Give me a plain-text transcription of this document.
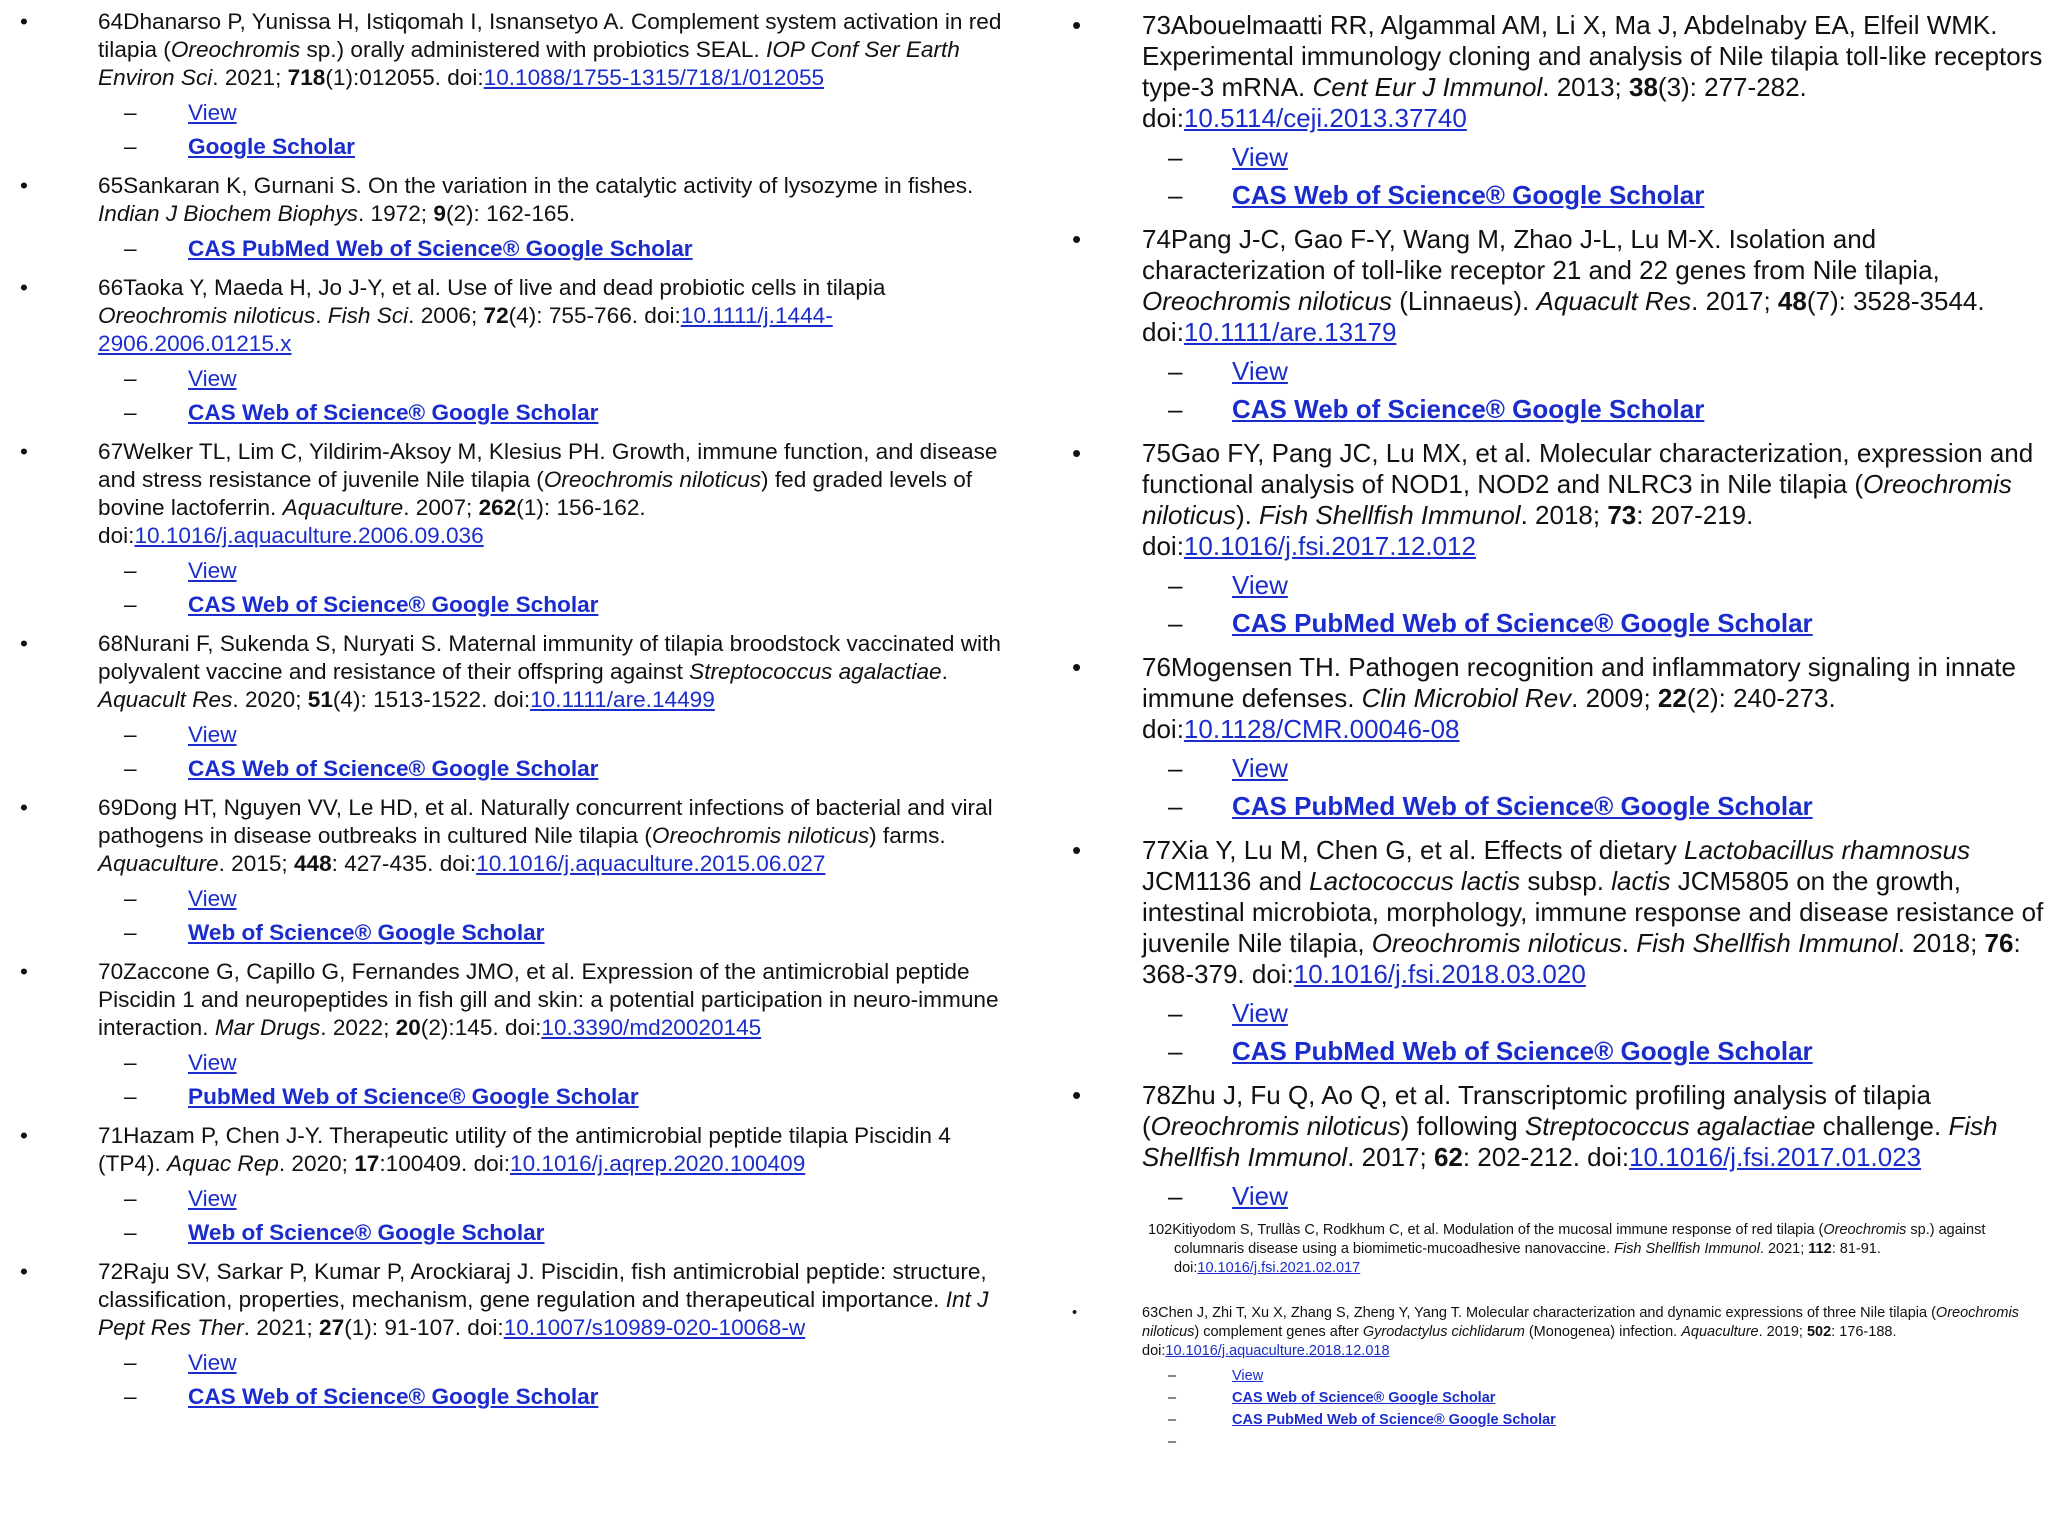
•	64Dhanarso P, Yunissa H, Istiqomah I, Isnansetyo A. Complement system activation in red tilapia (Oreochromis sp.) orally administered with probiotics SEAL. IOP Conf Ser Earth Environ Sci. 2021; 718(1):012055. doi:10.1088/1755-1315/718/1/012055
– View
– Google Scholar
•	65Sankaran K, Gurnani S. On the variation in the catalytic activity of lysozyme in fishes. Indian J Biochem Biophys. 1972; 9(2): 162-165.
– CAS PubMed Web of Science® Google Scholar
•	66Taoka Y, Maeda H, Jo J-Y, et al. Use of live and dead probiotic cells in tilapia Oreochromis niloticus. Fish Sci. 2006; 72(4): 755-766. doi:10.1111/j.1444-2906.2006.01215.x
– View
– CAS Web of Science® Google Scholar
•	67Welker TL, Lim C, Yildirim-Aksoy M, Klesius PH. Growth, immune function, and disease and stress resistance of juvenile Nile tilapia (Oreochromis niloticus) fed graded levels of bovine lactoferrin. Aquaculture. 2007; 262(1): 156-162. doi:10.1016/j.aquaculture.2006.09.036
– View
– CAS Web of Science® Google Scholar
•	68Nurani F, Sukenda S, Nuryati S. Maternal immunity of tilapia broodstock vaccinated with polyvalent vaccine and resistance of their offspring against Streptococcus agalactiae. Aquacult Res. 2020; 51(4): 1513-1522. doi:10.1111/are.14499
– View
– CAS Web of Science® Google Scholar
•	69Dong HT, Nguyen VV, Le HD, et al. Naturally concurrent infections of bacterial and viral pathogens in disease outbreaks in cultured Nile tilapia (Oreochromis niloticus) farms. Aquaculture. 2015; 448: 427-435. doi:10.1016/j.aquaculture.2015.06.027
– View
– Web of Science® Google Scholar
•	70Zaccone G, Capillo G, Fernandes JMO, et al. Expression of the antimicrobial peptide Piscidin 1 and neuropeptides in fish gill and skin: a potential participation in neuro-immune interaction. Mar Drugs. 2022; 20(2):145. doi:10.3390/md20020145
– View
– PubMed Web of Science® Google Scholar
•	71Hazam P, Chen J-Y. Therapeutic utility of the antimicrobial peptide tilapia Piscidin 4 (TP4). Aquac Rep. 2020; 17:100409. doi:10.1016/j.aqrep.2020.100409
– View
– Web of Science® Google Scholar
•	72Raju SV, Sarkar P, Kumar P, Arockiaraj J. Piscidin, fish antimicrobial peptide: structure, classification, properties, mechanism, gene regulation and therapeutical importance. Int J Pept Res Ther. 2021; 27(1): 91-107. doi:10.1007/s10989-020-10068-w
– View
– CAS Web of Science® Google Scholar
• 73Abouelmaatti RR, Algammal AM, Li X, Ma J, Abdelnaby EA, Elfeil WMK. Experimental immunology cloning and analysis of Nile tilapia toll-like receptors type-3 mRNA. Cent Eur J Immunol. 2013; 38(3): 277-282. doi:10.5114/ceji.2013.37740
– View
– CAS Web of Science® Google Scholar
• 74Pang J-C, Gao F-Y, Wang M, Zhao J-L, Lu M-X. Isolation and characterization of toll-like receptor 21 and 22 genes from Nile tilapia, Oreochromis niloticus (Linnaeus). Aquacult Res. 2017; 48(7): 3528-3544. doi:10.1111/are.13179
– View
– CAS Web of Science® Google Scholar
• 75Gao FY, Pang JC, Lu MX, et al. Molecular characterization, expression and functional analysis of NOD1, NOD2 and NLRC3 in Nile tilapia (Oreochromis niloticus). Fish Shellfish Immunol. 2018; 73: 207-219. doi:10.1016/j.fsi.2017.12.012
– View
– CAS PubMed Web of Science® Google Scholar
• 76Mogensen TH. Pathogen recognition and inflammatory signaling in innate immune defenses. Clin Microbiol Rev. 2009; 22(2): 240-273. doi:10.1128/CMR.00046-08
– View
– CAS PubMed Web of Science® Google Scholar
• 77Xia Y, Lu M, Chen G, et al. Effects of dietary Lactobacillus rhamnosus JCM1136 and Lactococcus lactis subsp. lactis JCM5805 on the growth, intestinal microbiota, morphology, immune response and disease resistance of juvenile Nile tilapia, Oreochromis niloticus. Fish Shellfish Immunol. 2018; 76: 368-379. doi:10.1016/j.fsi.2018.03.020
– View
– CAS PubMed Web of Science® Google Scholar
• 78Zhu J, Fu Q, Ao Q, et al. Transcriptomic profiling analysis of tilapia (Oreochromis niloticus) following Streptococcus agalactiae challenge. Fish Shellfish Immunol. 2017; 62: 202-212. doi:10.1016/j.fsi.2017.01.023
– View
102Kitiyodom S, Trullàs C, Rodkhum C, et al. Modulation of the mucosal immune response of red tilapia (Oreochromis sp.) against columnaris disease using a biomimetic-mucoadhesive nanovaccine. Fish Shellfish Immunol. 2021; 112: 81-91. doi:10.1016/j.fsi.2021.02.017
•	63Chen J, Zhi T, Xu X, Zhang S, Zheng Y, Yang T. Molecular characterization and dynamic expressions of three Nile tilapia (Oreochromis niloticus) complement genes after Gyrodactylus cichlidarum (Monogenea) infection. Aquaculture. 2019; 502: 176-188. doi:10.1016/j.aquaculture.2018.12.018
–	View
–	CAS Web of Science® Google Scholar
–	CAS PubMed Web of Science® Google Scholar
–
